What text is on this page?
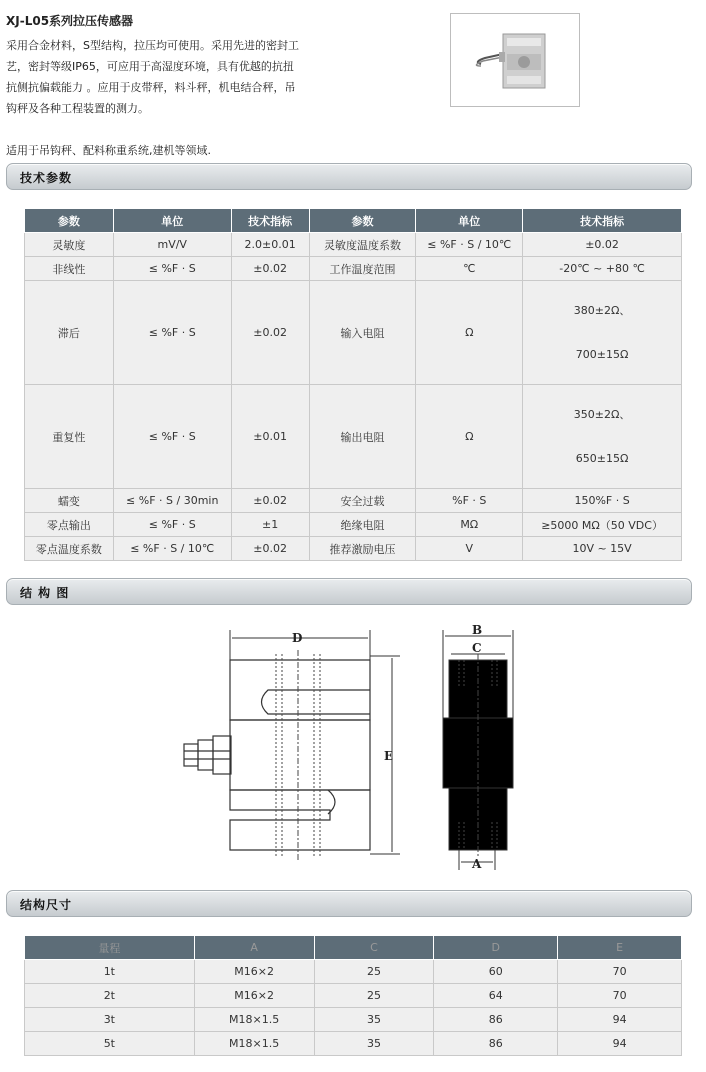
XJ-L05系列拉压传感器
采用合金材料，S型结构，拉压均可使用。采用先进的密封工
艺，密封等级IP65，可应用于高湿度环境，具有优越的抗扭
抗侧抗偏载能力 。应用于皮带秤，料斗秤，机电结合秤，吊
钩秤及各种工程装置的测力。
适用于吊钩秤、配料称重系统,建机等领域.
技术参数
参数	单位	技术指标	参数	单位	技术指标
灵敏度	mV/V	2.0±0.01	灵敏度温度系数	≤ %F · S / 10℃	±0.02
非线性	≤ %F · S	±0.02	工作温度范围	℃	-20℃ ~ +80 ℃
滞后	≤ %F · S	±0.02	输入电阻	Ω	380±2Ω、
700±15Ω

重复性	≤ %F · S	±0.01	输出电阻	Ω	350±2Ω、
650±15Ω

蠕变	≤ %F · S / 30min	±0.02	安全过载	%F · S	150%F · S
零点输出	≤ %F · S	±1	绝缘电阻	MΩ	≥5000 MΩ（50 VDC）
零点温度系数	≤ %F · S / 10℃	±0.02	推荐激励电压	V	10V ~ 15V
结 构 图
D
E
B
C
A
结构尺寸
量程	A	C	D	E
1t	M16×2	25	60	70
2t	M16×2	25	64	70
3t	M18×1.5	35	86	94
5t	M18×1.5	35	86	94
